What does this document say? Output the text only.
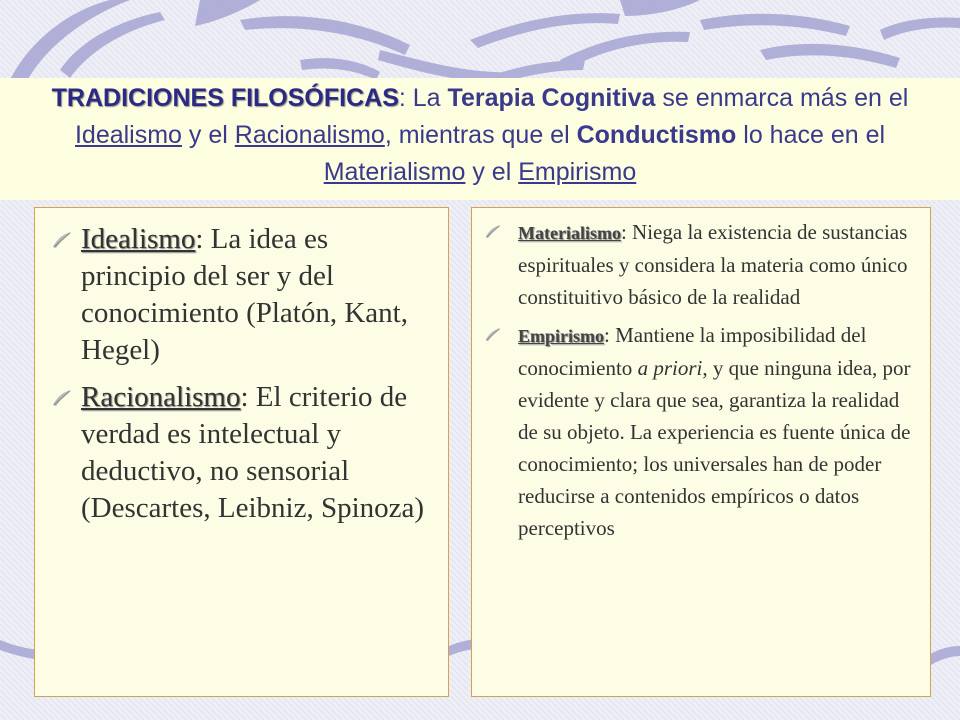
TRADICIONES FILOSÓFICAS: La Terapia Cognitiva se enmarca más en el Idealismo y el Racionalismo, mientras que el Conductismo lo hace en el Materialismo y el Empirismo
Idealismo: La idea es principio del ser y del conocimiento (Platón, Kant, Hegel)
Racionalismo: El criterio de verdad es intelectual y deductivo, no sensorial (Descartes, Leibniz, Spinoza)
Materialismo: Niega la existencia de sustancias espirituales y considera la materia como único constituitivo básico de la realidad
Empirismo: Mantiene la imposibilidad del conocimiento a priori, y que ninguna idea, por evidente y clara que sea, garantiza la realidad de su objeto. La experiencia es fuente única de conocimiento; los universales han de poder reducirse a contenidos empíricos o datos perceptivos
